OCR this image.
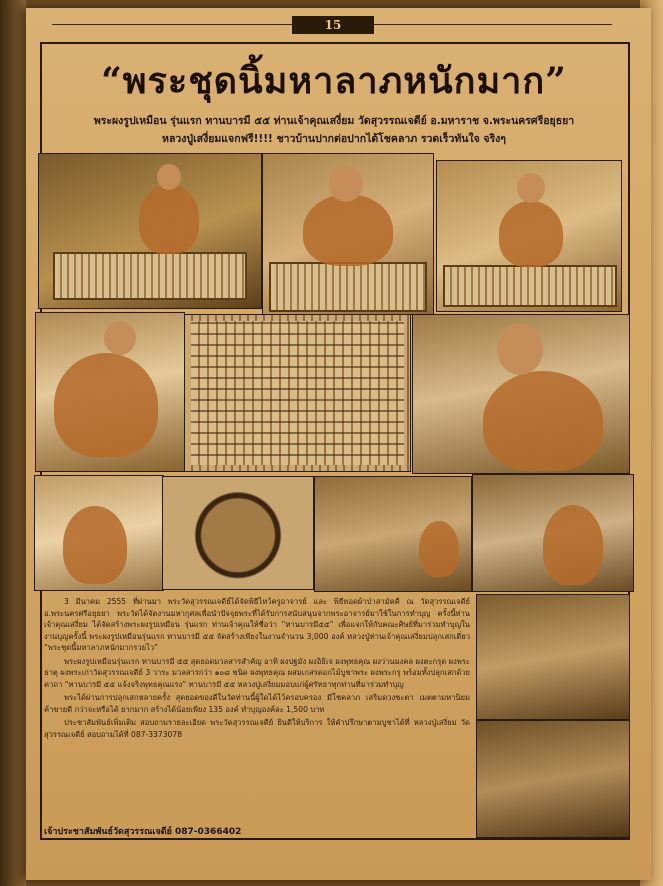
15
“พระชุดนิ้มหาลาภหนักมาก”
พระผงรูปเหมือน รุ่นแรก ทานบารมี ๕๕ ท่านเจ้าคุณเสงี่ยม วัดสุวรรณเจดีย์ อ.มหาราช จ.พระนครศรีอยุธยา
หลวงปู่เสงี่ยมแจกฟรี!!!! ชาวบ้านปากต่อปากได้โชคลาภ รวดเร็วทันใจ จริงๆ

3 มีนาคม 2555 ที่ผ่านมา พระวัดสุวรรณเจดีย์ได้จัดพิธีไหว้ครูอาจารย์ และ พิธีทอดผ้าป่าสามัคคี ณ วัดสุวรรณเจดีย์ อ.พระนครศรีอยุธยา พระวัดได้จัดงานมหากุศลเพื่อนำปัจจุยพระที่ได้รับการสนับสนุนจากพระอาจารย์มาใช้ในการทำบุญ ครั้งนี้ท่านเจ้าคุณเสงี่ยม ได้จัดสร้างพระผงรูปเหมือน รุ่นแรก ท่านเจ้าคุณให้ชื่อว่า “ทานบารมี๕๕” เพื่อแจกให้กับคณะศิษย์ที่มาร่วมทำบุญในงานบุญครั้งนี้ พระผงรูปเหมือนรุ่นแรก ทานบารมี ๕๕ จัดสร้างเพียงในงานจำนวน 3,000 องค์ หลวงปู่ท่านเจ้าคุณเสงี่ยมปลุกเสกเดี่ยว “พระชุดนี้มหาลาภหนักมากรวยไว”

พระผงรูปเหมือนรุ่นแรก ทานบารมี ๕๕ สุดยอดมวลสารสำคัญ อาทิ ผงปฐมัง ผงอิธิเจ ผงพุทธคุณ ผงว่านมงคล ผงตะกรุด ผงพระธาตุ ผงพระเก่าวัดสุวรรณเจดีย์ 3 วาระ มวลสารกว่า ๑๐๘ ชนิด ผงพุทธคุณ ผสมเกสรดอกไม้บูชาพระ ผงพระกรุ พร้อมทั้งปลุกเสกด้วยคาถา “ทานบารมี ๕๕ แจ้งจริงพุทธคุณแรง” ทานบารมี ๕๕ หลวงปู่เสงี่ยมมอบแก่ผู้ศรัทธาทุกท่านที่มาร่วมทำบุญ

พระได้ผ่านการปลุกเสกหลายครั้ง สุดยอดของดีในวัดท่านนี้ผู้ใดได้ไว้ครอบครอง มีโชคลาภ เสริมดวงชะตา เมตตามหานิยม ค้าขายดี กว่าจะหรือได้ ยากมาก สร้างได้น้อยเพียง 135 องค์ ทำบุญองค์ละ 1,500 บาท

ประชาสัมพันธ์เพิ่มเติม สอบถามรายละเอียด พระวัดสุวรรณเจดีย์ ยินดีให้บริการ ให้คำปรึกษาตามบูชาได้ที่ หลวงปู่เสงี่ยม วัดสุวรรณเจดีย์ สอบถามได้ที่ 087-3373078

เจ้าประชาสัมพันธ์วัดสุวรรณเจดีย์ 087-0366402
